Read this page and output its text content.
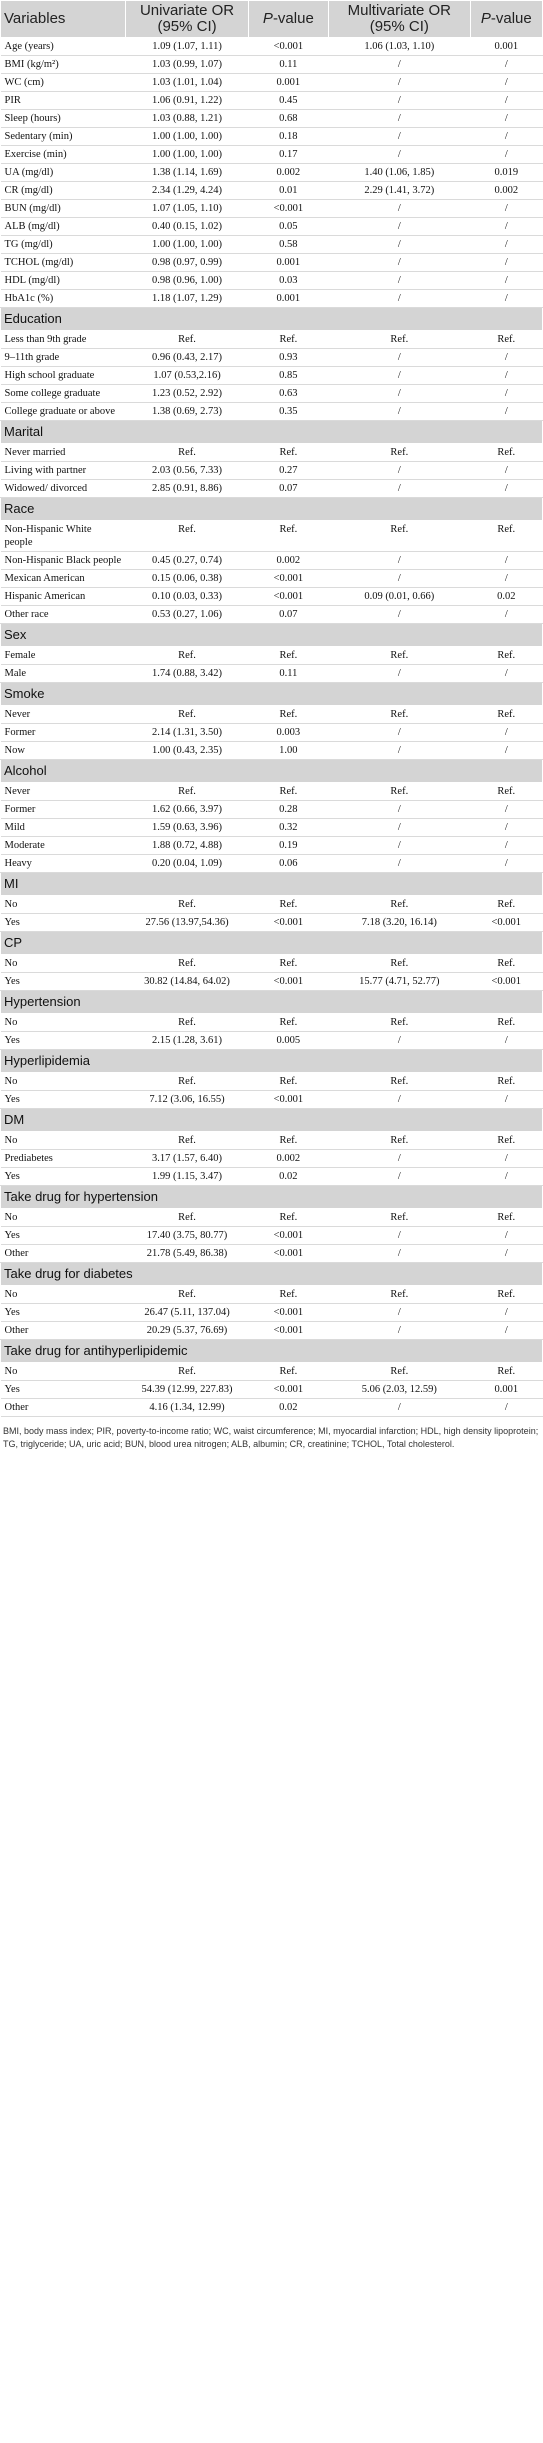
Variables	Univariate OR (95% CI)	P-value	Multivariate OR (95% CI)	P-value
Age (years)	1.09 (1.07, 1.11)	<0.001	1.06 (1.03, 1.10)	0.001
BMI (kg/m²)	1.03 (0.99, 1.07)	0.11	/	/
WC (cm)	1.03 (1.01, 1.04)	0.001	/	/
PIR	1.06 (0.91, 1.22)	0.45	/	/
Sleep (hours)	1.03 (0.88, 1.21)	0.68	/	/
Sedentary (min)	1.00 (1.00, 1.00)	0.18	/	/
Exercise (min)	1.00 (1.00, 1.00)	0.17	/	/
UA (mg/dl)	1.38 (1.14, 1.69)	0.002	1.40 (1.06, 1.85)	0.019
CR (mg/dl)	2.34 (1.29, 4.24)	0.01	2.29 (1.41, 3.72)	0.002
BUN (mg/dl)	1.07 (1.05, 1.10)	<0.001	/	/
ALB (mg/dl)	0.40 (0.15, 1.02)	0.05	/	/
TG (mg/dl)	1.00 (1.00, 1.00)	0.58	/	/
TCHOL (mg/dl)	0.98 (0.97, 0.99)	0.001	/	/
HDL (mg/dl)	0.98 (0.96, 1.00)	0.03	/	/
HbA1c (%)	1.18 (1.07, 1.29)	0.001	/	/
Education				
Less than 9th grade	Ref.	Ref.	Ref.	Ref.
9–11th grade	0.96 (0.43, 2.17)	0.93	/	/
High school graduate	1.07 (0.53,2.16)	0.85	/	/
Some college graduate	1.23 (0.52, 2.92)	0.63	/	/
College graduate or above	1.38 (0.69, 2.73)	0.35	/	/
Marital				
Never married	Ref.	Ref.	Ref.	Ref.
Living with partner	2.03 (0.56, 7.33)	0.27	/	/
Widowed/ divorced	2.85 (0.91, 8.86)	0.07	/	/
Race				
Non-Hispanic White people	Ref.	Ref.	Ref.	Ref.
Non-Hispanic Black people	0.45 (0.27, 0.74)	0.002	/	/
Mexican American	0.15 (0.06, 0.38)	<0.001	/	/
Hispanic American	0.10 (0.03, 0.33)	<0.001	0.09 (0.01, 0.66)	0.02
Other race	0.53 (0.27, 1.06)	0.07	/	/
Sex				
Female	Ref.	Ref.	Ref.	Ref.
Male	1.74 (0.88, 3.42)	0.11	/	/
Smoke				
Never	Ref.	Ref.	Ref.	Ref.
Former	2.14 (1.31, 3.50)	0.003	/	/
Now	1.00 (0.43, 2.35)	1.00	/	/
Alcohol				
Never	Ref.	Ref.	Ref.	Ref.
Former	1.62 (0.66, 3.97)	0.28	/	/
Mild	1.59 (0.63, 3.96)	0.32	/	/
Moderate	1.88 (0.72, 4.88)	0.19	/	/
Heavy	0.20 (0.04, 1.09)	0.06	/	/
MI				
No	Ref.	Ref.	Ref.	Ref.
Yes	27.56 (13.97,54.36)	<0.001	7.18 (3.20, 16.14)	<0.001
CP				
No	Ref.	Ref.	Ref.	Ref.
Yes	30.82 (14.84, 64.02)	<0.001	15.77 (4.71, 52.77)	<0.001
Hypertension				
No	Ref.	Ref.	Ref.	Ref.
Yes	2.15 (1.28, 3.61)	0.005	/	/
Hyperlipidemia				
No	Ref.	Ref.	Ref.	Ref.
Yes	7.12 (3.06, 16.55)	<0.001	/	/
DM				
No	Ref.	Ref.	Ref.	Ref.
Prediabetes	3.17 (1.57, 6.40)	0.002	/	/
Yes	1.99 (1.15, 3.47)	0.02	/	/
Take drug for hypertension				
No	Ref.	Ref.	Ref.	Ref.
Yes	17.40 (3.75, 80.77)	<0.001	/	/
Other	21.78 (5.49, 86.38)	<0.001	/	/
Take drug for diabetes				
No	Ref.	Ref.	Ref.	Ref.
Yes	26.47 (5.11, 137.04)	<0.001	/	/
Other	20.29 (5.37, 76.69)	<0.001	/	/
Take drug for antihyperlipidemic				
No	Ref.	Ref.	Ref.	Ref.
Yes	54.39 (12.99, 227.83)	<0.001	5.06 (2.03, 12.59)	0.001
Other	4.16 (1.34, 12.99)	0.02	/	/
BMI, body mass index; PIR, poverty-to-income ratio; WC, waist circumference; MI, myocardial infarction; HDL, high density lipoprotein; TG, triglyceride; UA, uric acid; BUN, blood urea nitrogen; ALB, albumin; CR, creatinine; TCHOL, Total cholesterol.
